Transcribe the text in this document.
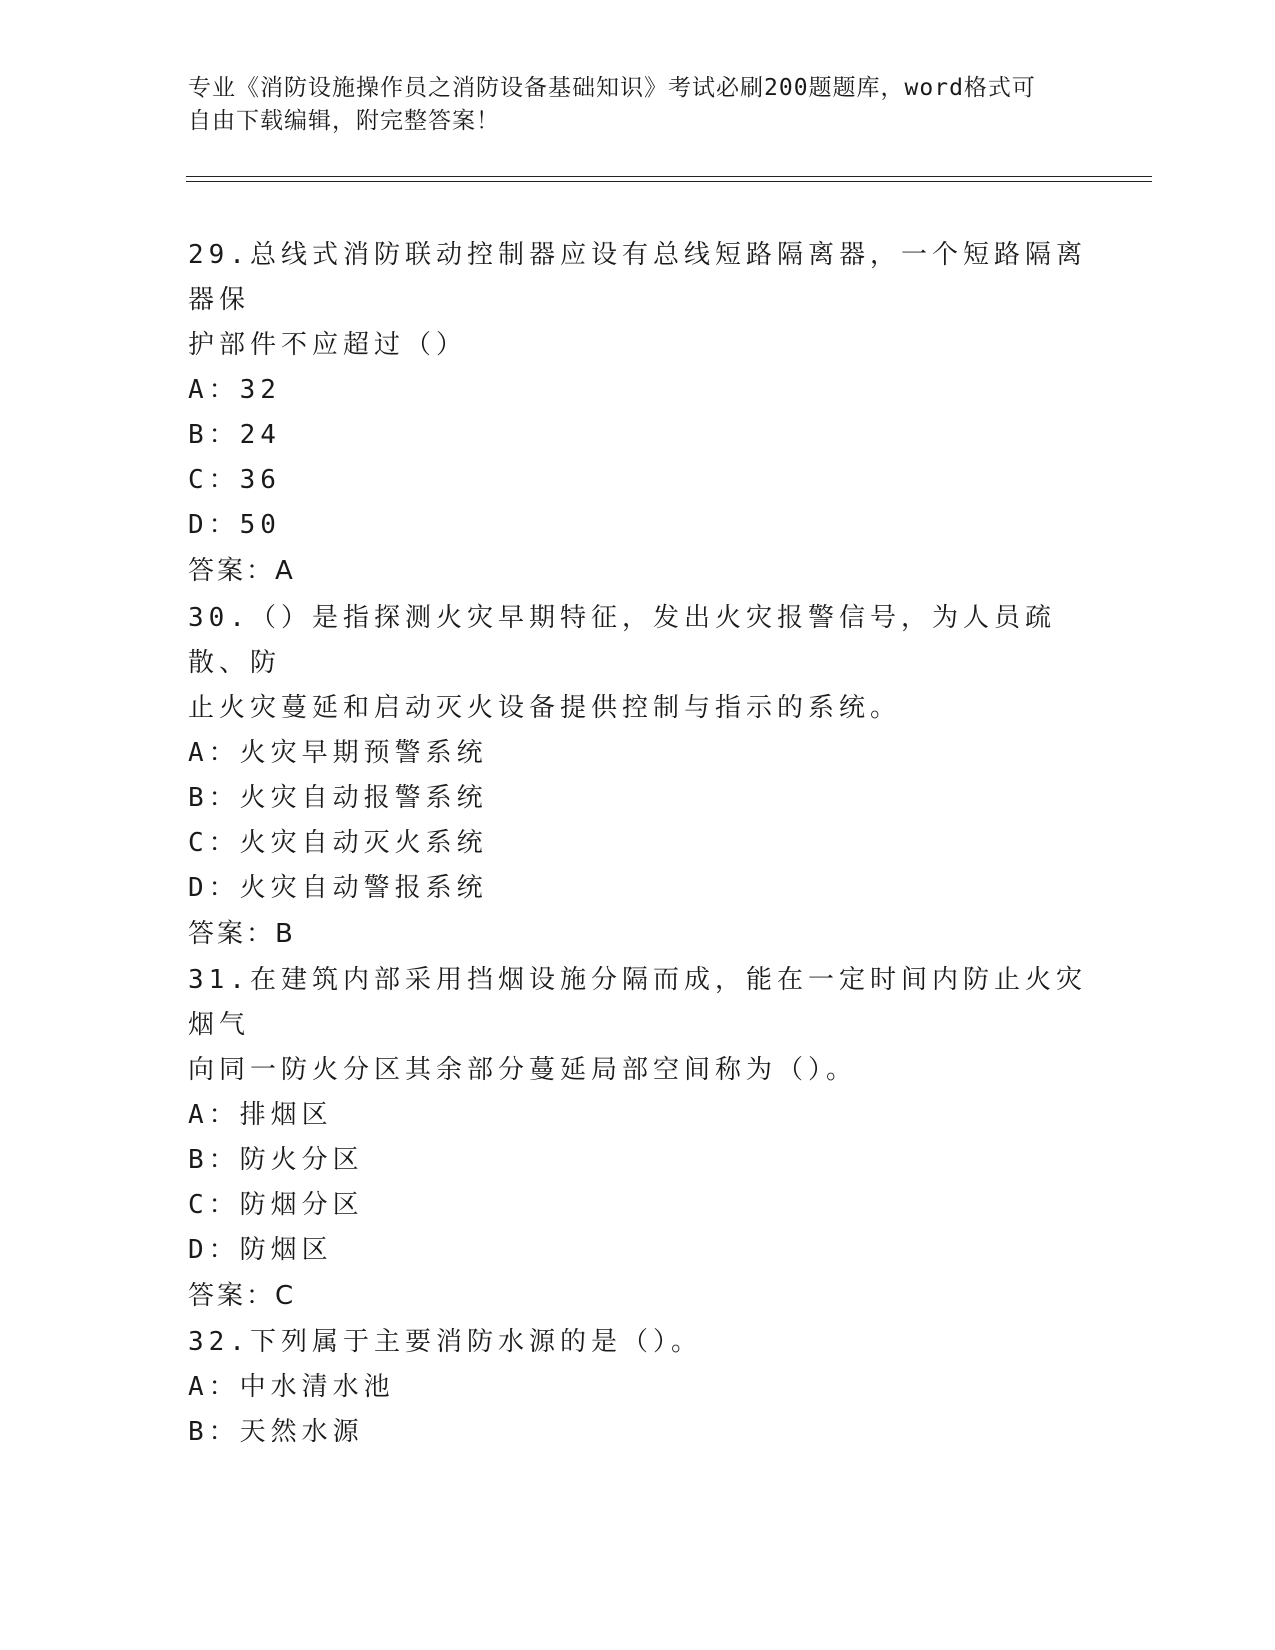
专业《消防设施操作员之消防设备基础知识》考试必刷200题题库，word格式可
自由下载编辑，附完整答案！

29.总线式消防联动控制器应设有总线短路隔离器，一个短路隔离器保

护部件不应超过（）

A：32

B：24

C：36

D：50

答案：A

30.（）是指探测火灾早期特征，发出火灾报警信号，为人员疏散、防

止火灾蔓延和启动灭火设备提供控制与指示的系统。

A：火灾早期预警系统

B：火灾自动报警系统

C：火灾自动灭火系统

D：火灾自动警报系统

答案：B

31.在建筑内部采用挡烟设施分隔而成，能在一定时间内防止火灾烟气

向同一防火分区其余部分蔓延局部空间称为（）。

A：排烟区

B：防火分区

C：防烟分区

D：防烟区

答案：C

32.下列属于主要消防水源的是（）。

A：中水清水池

B：天然水源
